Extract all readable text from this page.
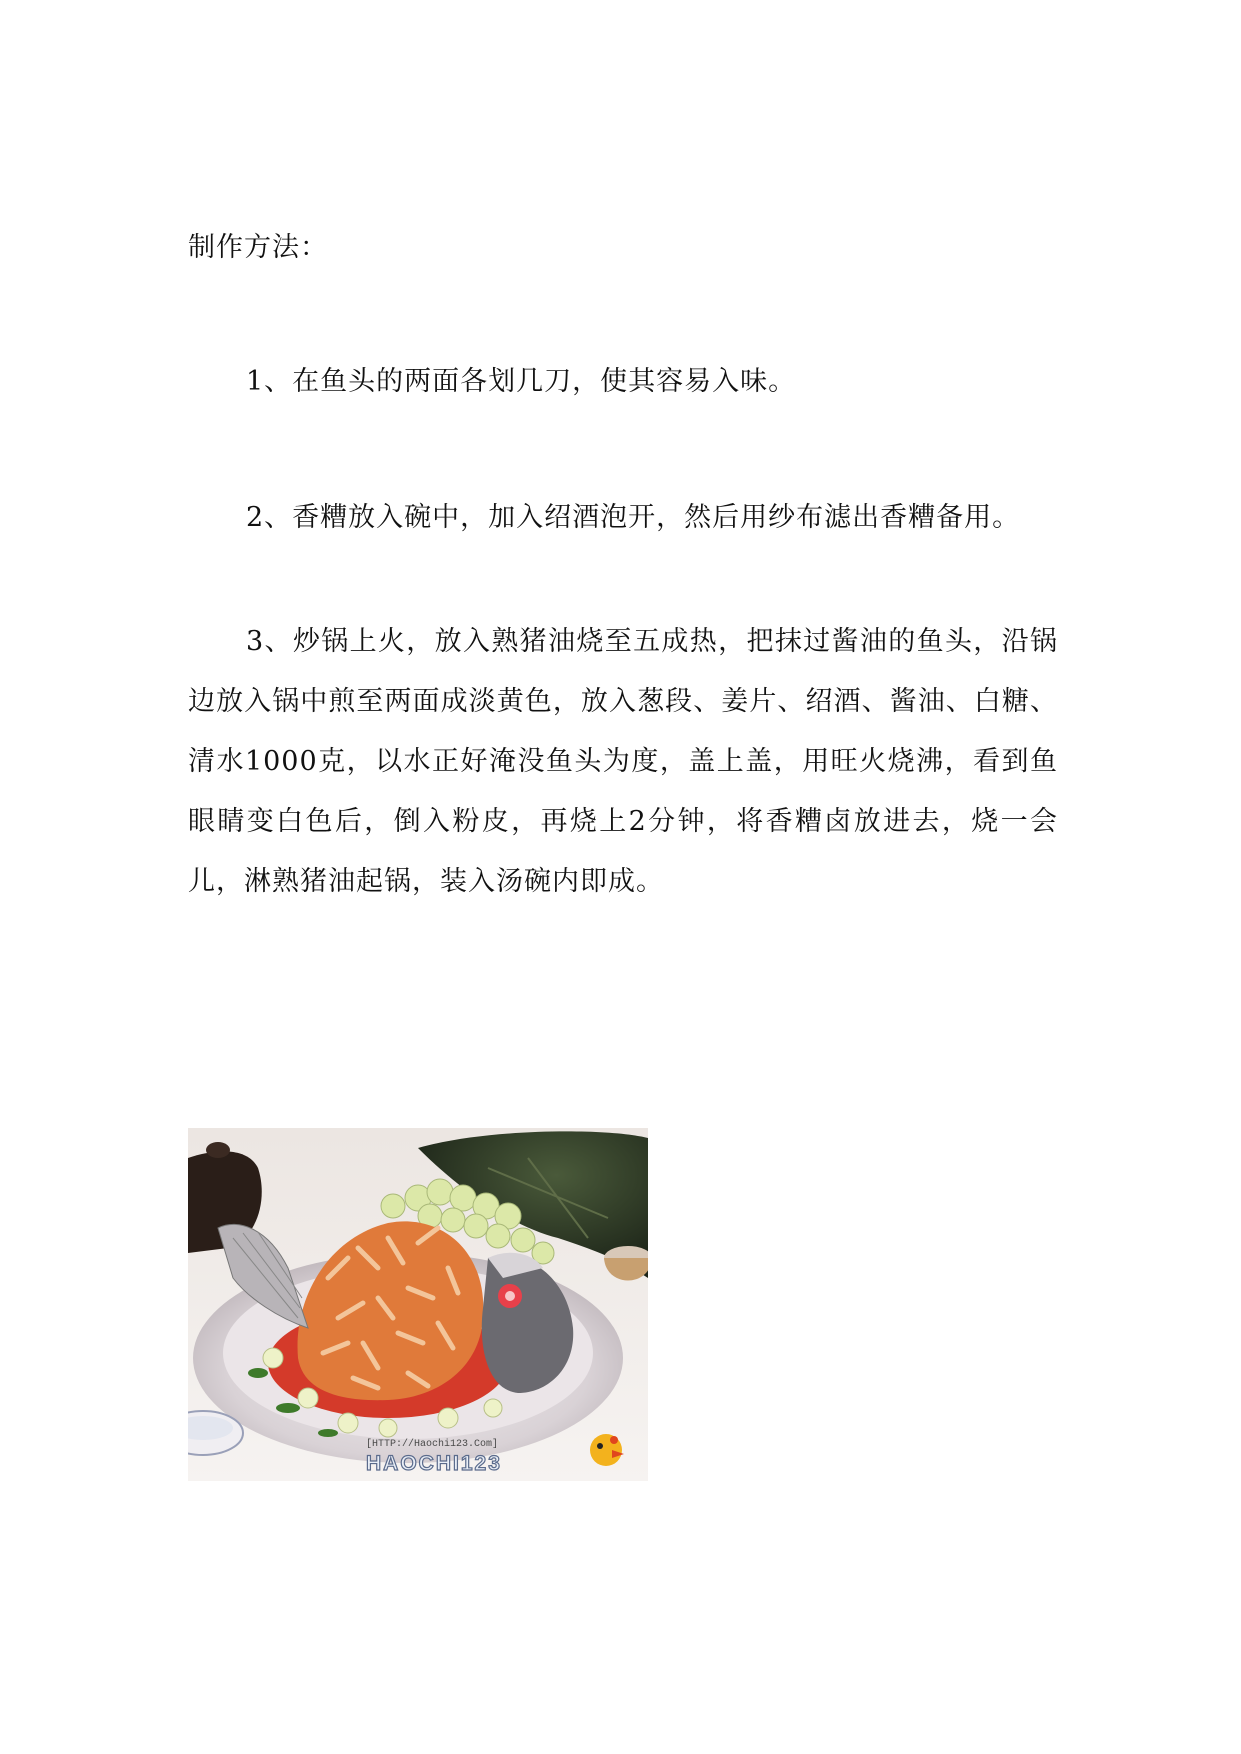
制作方法：

1、在鱼头的两面各划几刀，使其容易入味。

2、香糟放入碗中，加入绍酒泡开，然后用纱布滤出香糟备用。

3、炒锅上火，放入熟猪油烧至五成热，把抹过酱油的鱼头，沿锅边放入锅中煎至两面成淡黄色，放入葱段、姜片、绍酒、酱油、白糖、清水1000克，以水正好淹没鱼头为度，盖上盖，用旺火烧沸，看到鱼眼睛变白色后，倒入粉皮，再烧上2分钟，将香糟卤放进去，烧一会儿，淋熟猪油起锅，装入汤碗内即成。

[HTTP://Haochi123.Com]
HAOCHI123
